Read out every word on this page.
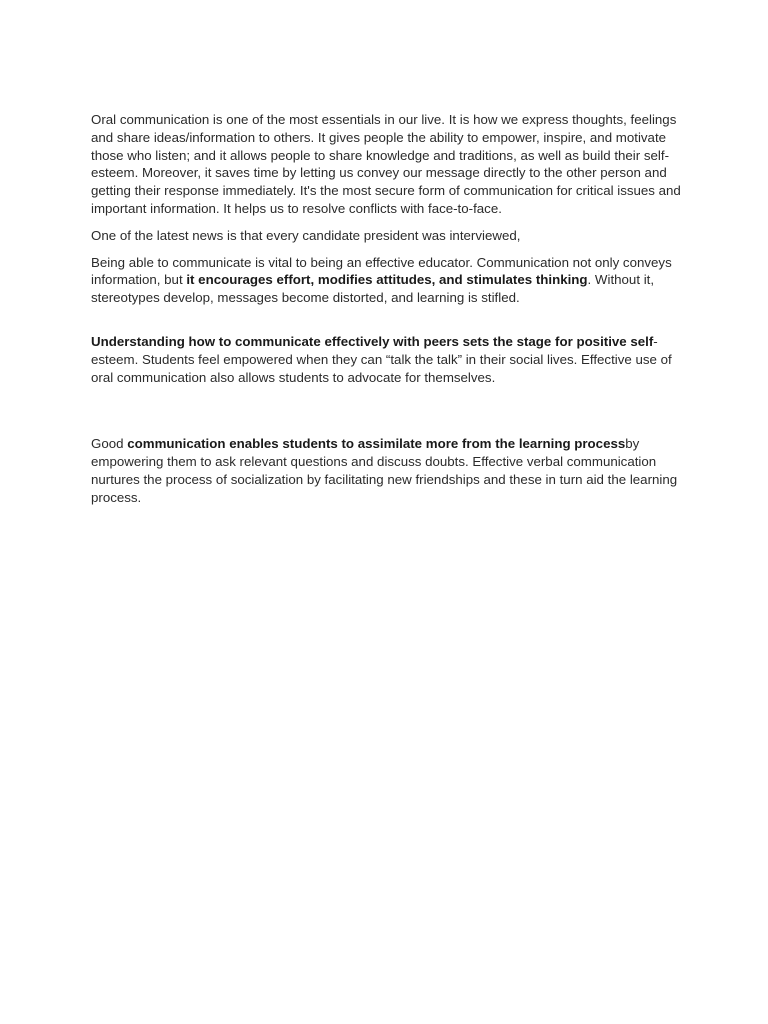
Oral communication is one of the most essentials in our live. It is how we express thoughts, feelings and share ideas/information to others. It gives people the ability to empower, inspire, and motivate those who listen; and it allows people to share knowledge and traditions, as well as build their self-esteem. Moreover, it saves time by letting us convey our message directly to the other person and getting their response immediately. It's the most secure form of communication for critical issues and important information. It helps us to resolve conflicts with face-to-face.

One of the latest news is that every candidate president was interviewed,

Being able to communicate is vital to being an effective educator. Communication not only conveys information, but it encourages effort, modifies attitudes, and stimulates thinking. Without it, stereotypes develop, messages become distorted, and learning is stifled.

Understanding how to communicate effectively with peers sets the stage for positive self-esteem. Students feel empowered when they can “talk the talk” in their social lives. Effective use of oral communication also allows students to advocate for themselves.

Good communication enables students to assimilate more from the learning processby empowering them to ask relevant questions and discuss doubts. Effective verbal communication nurtures the process of socialization by facilitating new friendships and these in turn aid the learning process.
